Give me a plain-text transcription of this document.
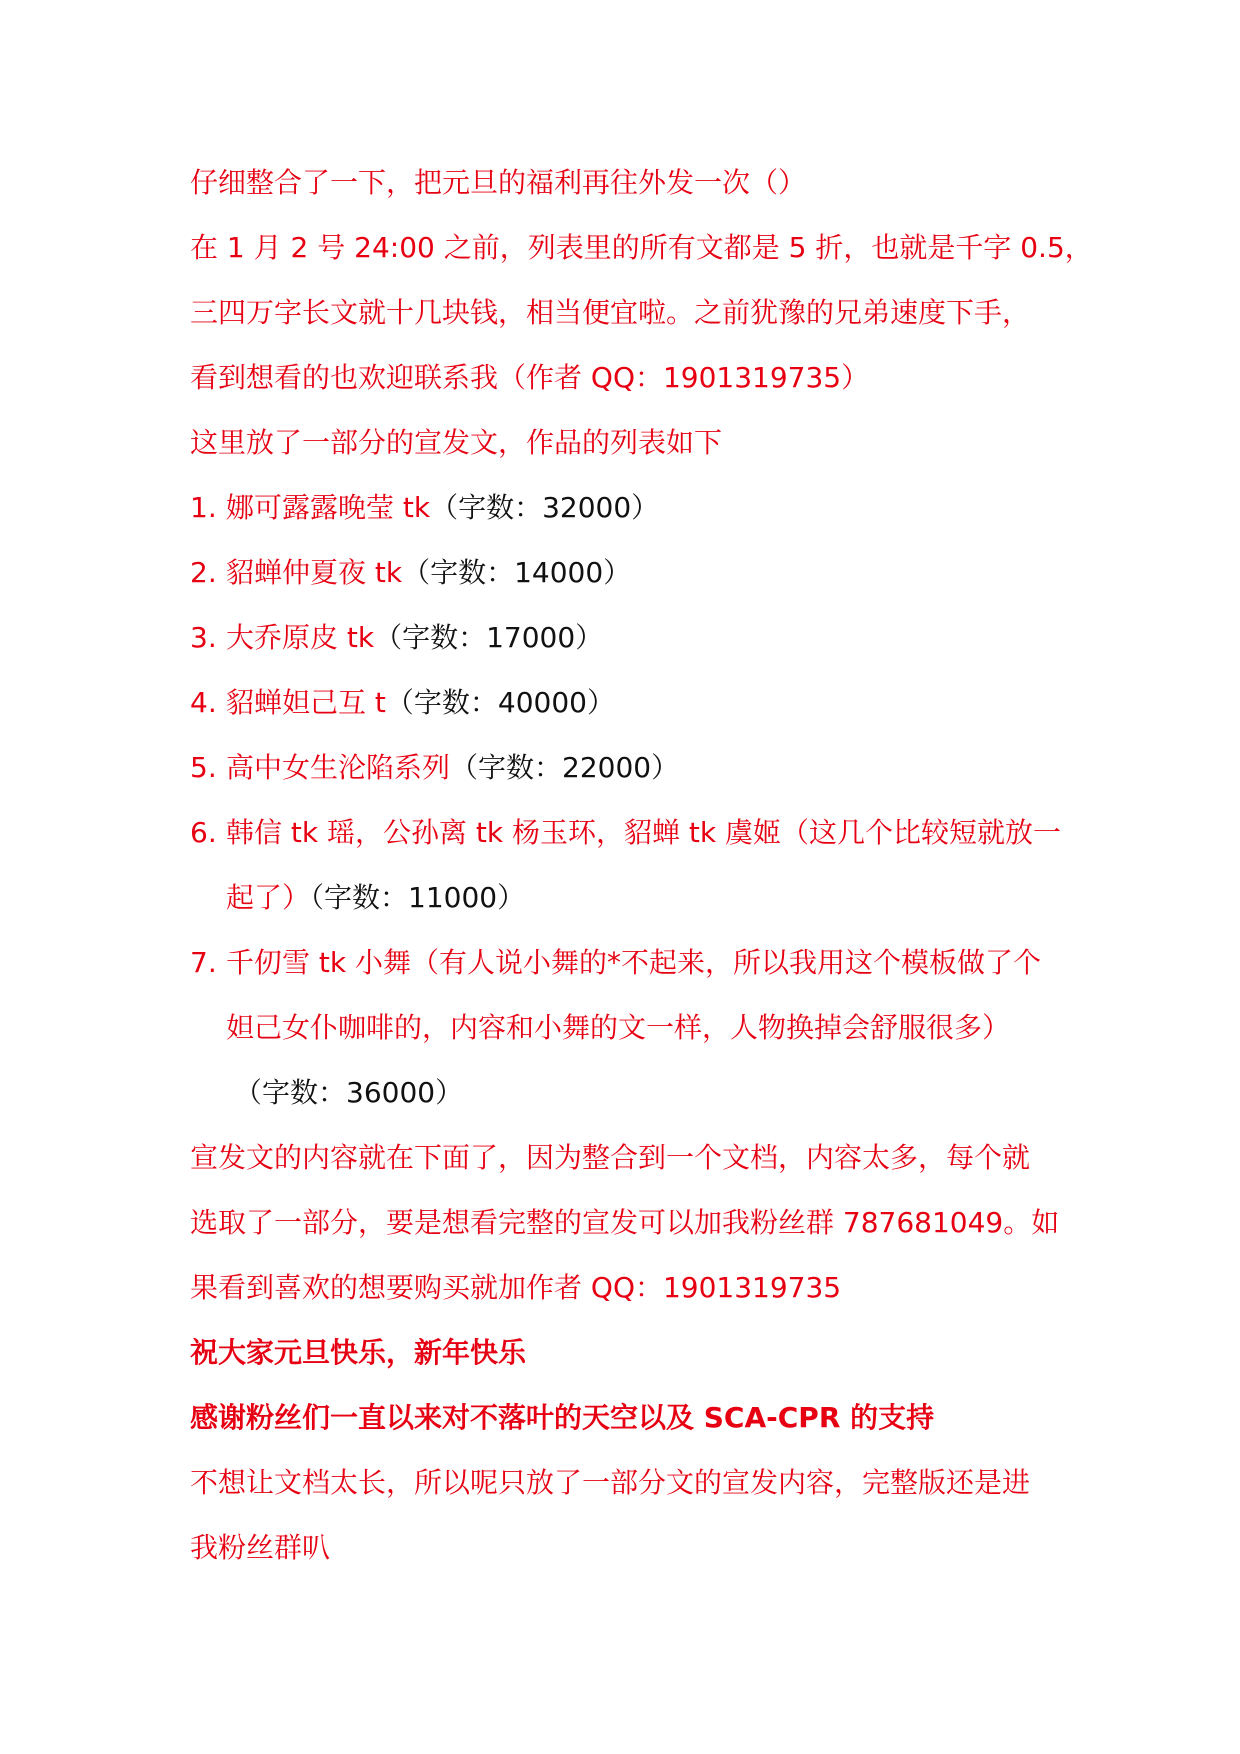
仔细整合了一下，把元旦的福利再往外发一次（）
在 1 月 2 号 24:00 之前，列表里的所有文都是 5 折，也就是千字 0.5，
三四万字长文就十几块钱，相当便宜啦。之前犹豫的兄弟速度下手，
看到想看的也欢迎联系我（作者 QQ：1901319735）
这里放了一部分的宣发文，作品的列表如下
1. 娜可露露晚莹 tk（字数：32000）
2. 貂蝉仲夏夜 tk（字数：14000）
3. 大乔原皮 tk（字数：17000）
4. 貂蝉妲己互 t（字数：40000）
5. 高中女生沦陷系列（字数：22000）
6. 韩信 tk 瑶，公孙离 tk 杨玉环，貂蝉 tk 虞姬（这几个比较短就放一
起了）（字数：11000）
7. 千仞雪 tk 小舞（有人说小舞的*不起来，所以我用这个模板做了个
妲己女仆咖啡的，内容和小舞的文一样，人物换掉会舒服很多）
（字数：36000）
宣发文的内容就在下面了，因为整合到一个文档，内容太多，每个就
选取了一部分，要是想看完整的宣发可以加我粉丝群 787681049。如
果看到喜欢的想要购买就加作者 QQ：1901319735
祝大家元旦快乐，新年快乐
感谢粉丝们一直以来对不落叶的天空以及 SCA-CPR 的支持
不想让文档太长，所以呢只放了一部分文的宣发内容，完整版还是进
我粉丝群叭
